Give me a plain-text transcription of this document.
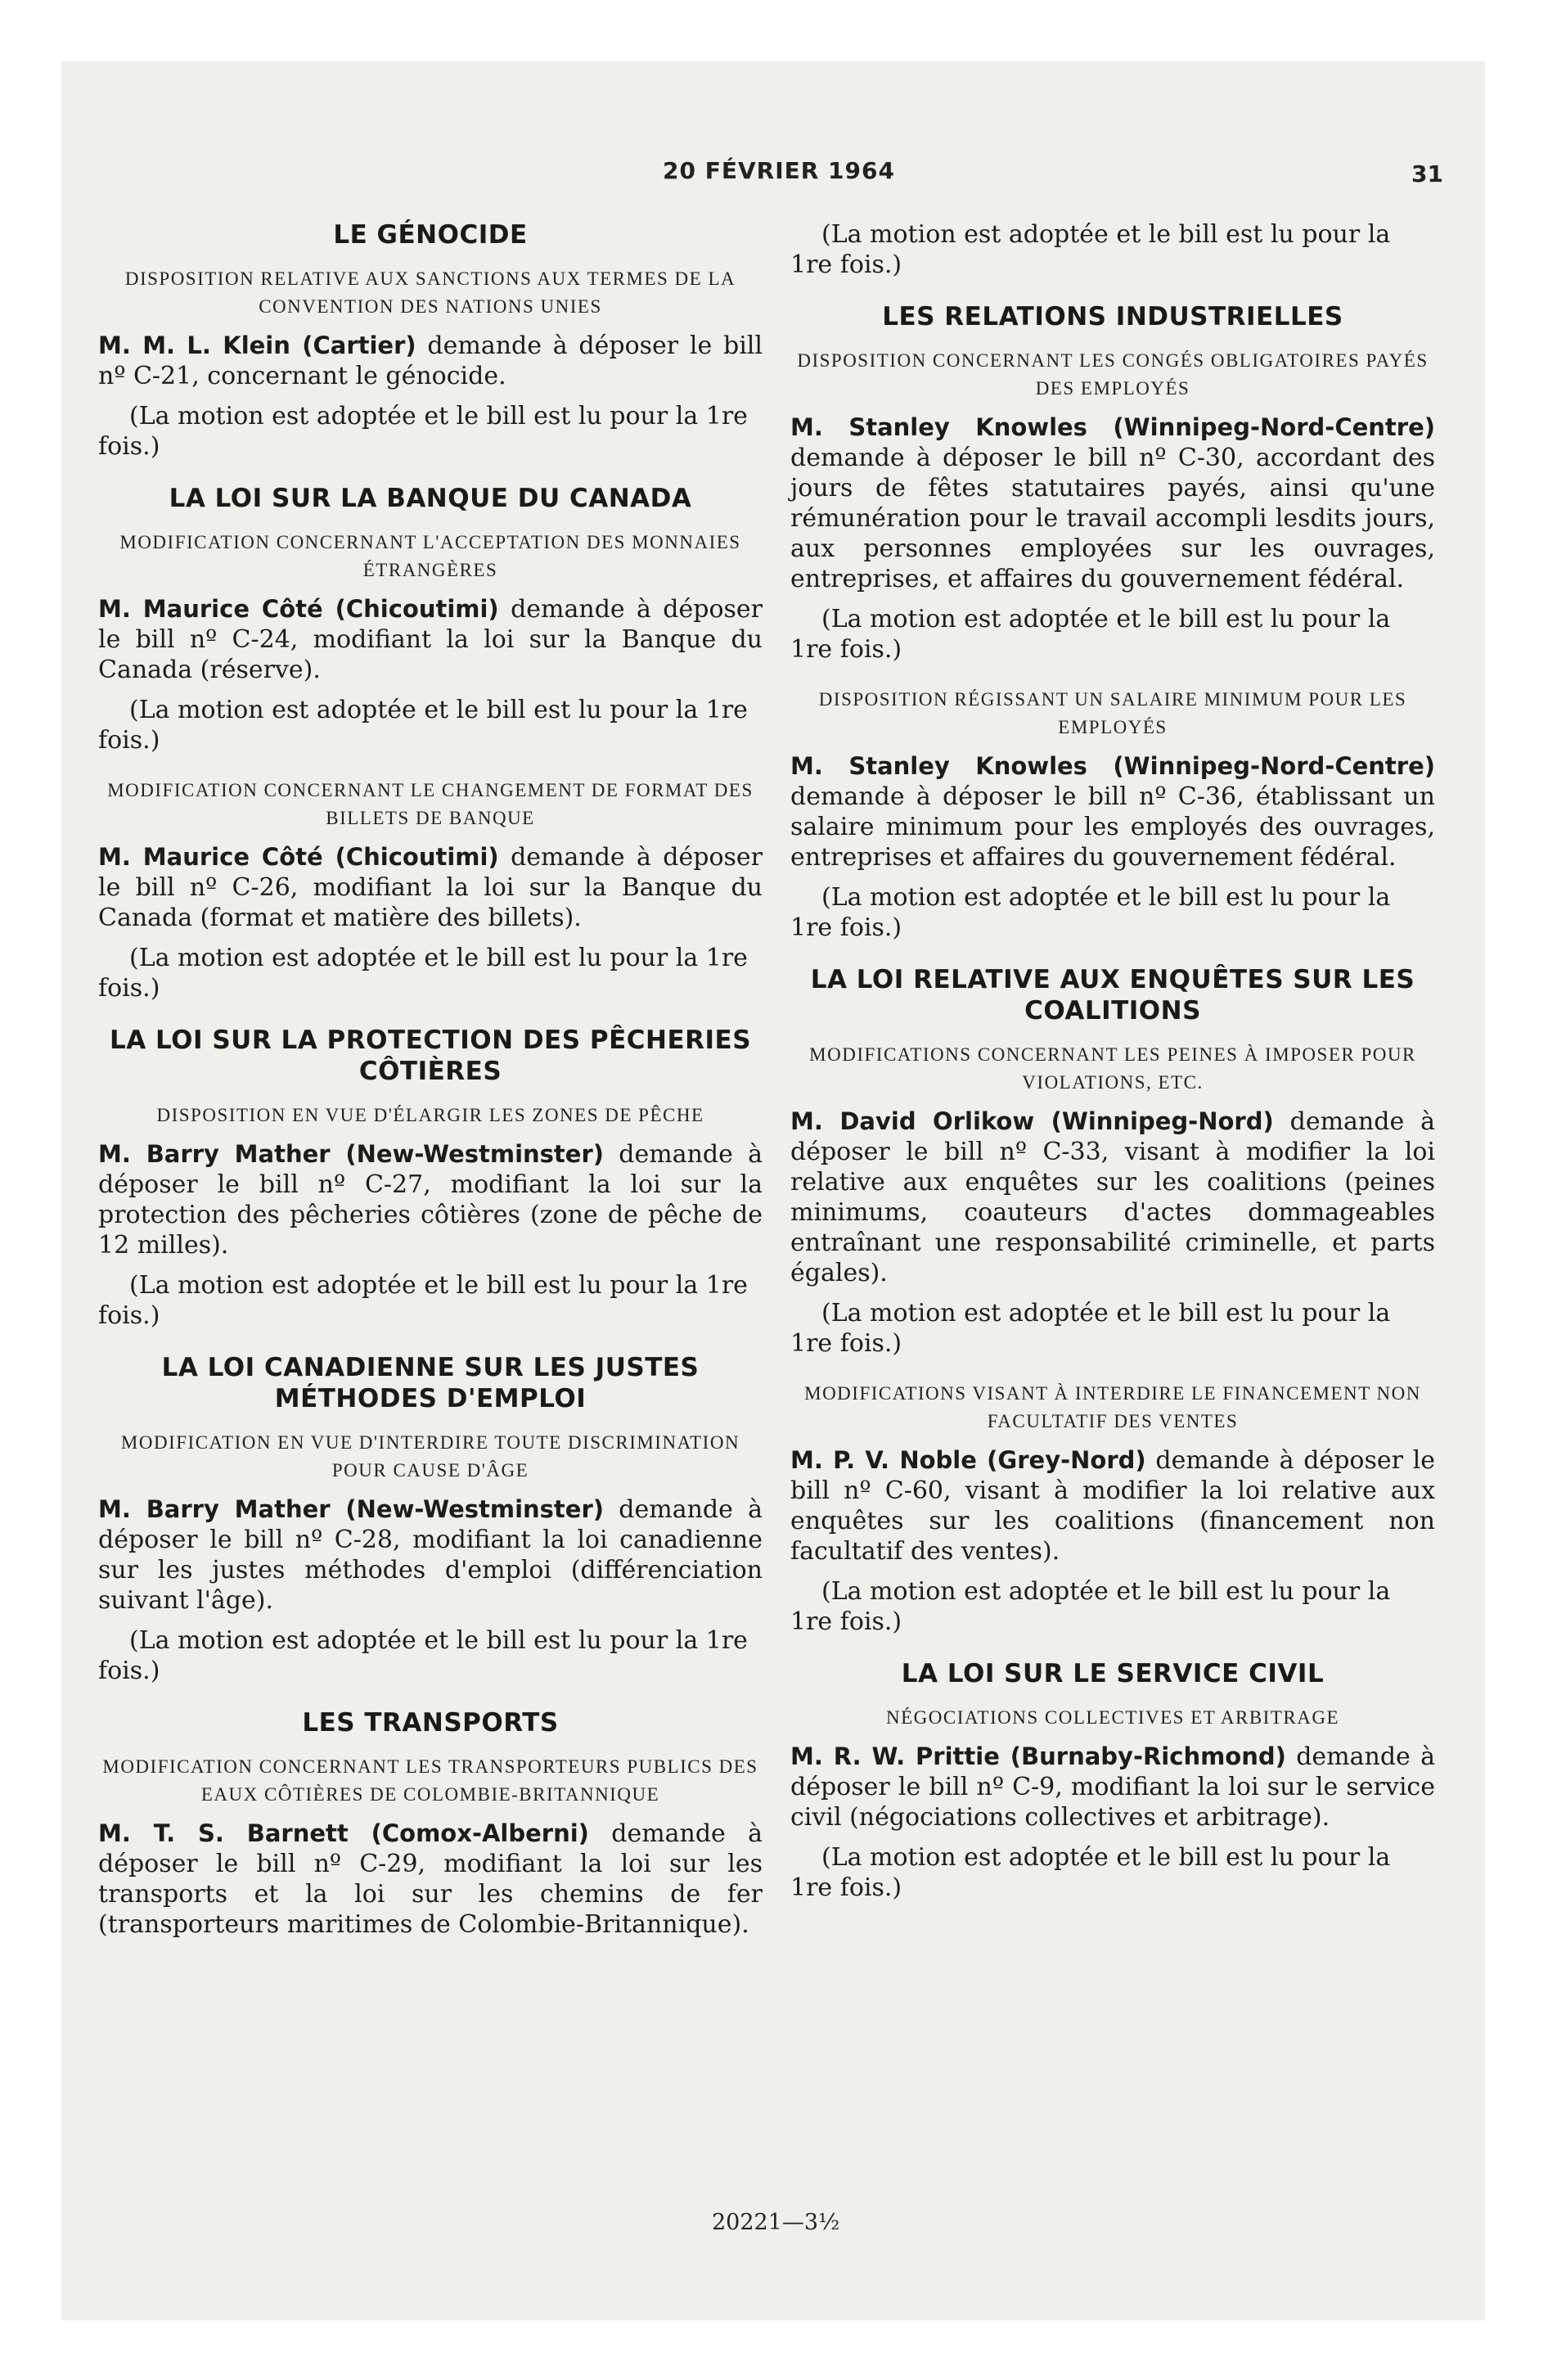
20 FÉVRIER 1964	31
LE GÉNOCIDE
DISPOSITION RELATIVE AUX SANCTIONS AUX TERMES DE LA CONVENTION DES NATIONS UNIES
M. M. L. Klein (Cartier) demande à déposer le bill nº C-21, concernant le génocide.
(La motion est adoptée et le bill est lu pour la 1re fois.)
LA LOI SUR LA BANQUE DU CANADA
MODIFICATION CONCERNANT L'ACCEPTATION DES MONNAIES ÉTRANGÈRES
M. Maurice Côté (Chicoutimi) demande à déposer le bill nº C-24, modifiant la loi sur la Banque du Canada (réserve).
(La motion est adoptée et le bill est lu pour la 1re fois.)
MODIFICATION CONCERNANT LE CHANGEMENT DE FORMAT DES BILLETS DE BANQUE
M. Maurice Côté (Chicoutimi) demande à déposer le bill nº C-26, modifiant la loi sur la Banque du Canada (format et matière des billets).
(La motion est adoptée et le bill est lu pour la 1re fois.)
LA LOI SUR LA PROTECTION DES PÊCHERIES CÔTIÈRES
DISPOSITION EN VUE D'ÉLARGIR LES ZONES DE PÊCHE
M. Barry Mather (New-Westminster) demande à déposer le bill nº C-27, modifiant la loi sur la protection des pêcheries côtières (zone de pêche de 12 milles).
(La motion est adoptée et le bill est lu pour la 1re fois.)
LA LOI CANADIENNE SUR LES JUSTES MÉTHODES D'EMPLOI
MODIFICATION EN VUE D'INTERDIRE TOUTE DISCRIMINATION POUR CAUSE D'ÂGE
M. Barry Mather (New-Westminster) demande à déposer le bill nº C-28, modifiant la loi canadienne sur les justes méthodes d'emploi (différenciation suivant l'âge).
(La motion est adoptée et le bill est lu pour la 1re fois.)
LES TRANSPORTS
MODIFICATION CONCERNANT LES TRANSPORTEURS PUBLICS DES EAUX CÔTIÈRES DE COLOMBIE-BRITANNIQUE
M. T. S. Barnett (Comox-Alberni) demande à déposer le bill nº C-29, modifiant la loi sur les transports et la loi sur les chemins de fer (transporteurs maritimes de Colombie-Britannique).
(La motion est adoptée et le bill est lu pour la 1re fois.)
LES RELATIONS INDUSTRIELLES
DISPOSITION CONCERNANT LES CONGÉS OBLIGATOIRES PAYÉS DES EMPLOYÉS
M. Stanley Knowles (Winnipeg-Nord-Centre) demande à déposer le bill nº C-30, accordant des jours de fêtes statutaires payés, ainsi qu'une rémunération pour le travail accompli lesdits jours, aux personnes employées sur les ouvrages, entreprises, et affaires du gouvernement fédéral.
(La motion est adoptée et le bill est lu pour la 1re fois.)
DISPOSITION RÉGISSANT UN SALAIRE MINIMUM POUR LES EMPLOYÉS
M. Stanley Knowles (Winnipeg-Nord-Centre) demande à déposer le bill nº C-36, établissant un salaire minimum pour les employés des ouvrages, entreprises et affaires du gouvernement fédéral.
(La motion est adoptée et le bill est lu pour la 1re fois.)
LA LOI RELATIVE AUX ENQUÊTES SUR LES COALITIONS
MODIFICATIONS CONCERNANT LES PEINES À IMPOSER POUR VIOLATIONS, ETC.
M. David Orlikow (Winnipeg-Nord) demande à déposer le bill nº C-33, visant à modifier la loi relative aux enquêtes sur les coalitions (peines minimums, coauteurs d'actes dommageables entraînant une responsabilité criminelle, et parts égales).
(La motion est adoptée et le bill est lu pour la 1re fois.)
MODIFICATIONS VISANT À INTERDIRE LE FINANCEMENT NON FACULTATIF DES VENTES
M. P. V. Noble (Grey-Nord) demande à déposer le bill nº C-60, visant à modifier la loi relative aux enquêtes sur les coalitions (financement non facultatif des ventes).
(La motion est adoptée et le bill est lu pour la 1re fois.)
LA LOI SUR LE SERVICE CIVIL
NÉGOCIATIONS COLLECTIVES ET ARBITRAGE
M. R. W. Prittie (Burnaby-Richmond) demande à déposer le bill nº C-9, modifiant la loi sur le service civil (négociations collectives et arbitrage).
(La motion est adoptée et le bill est lu pour la 1re fois.)
20221—3½
